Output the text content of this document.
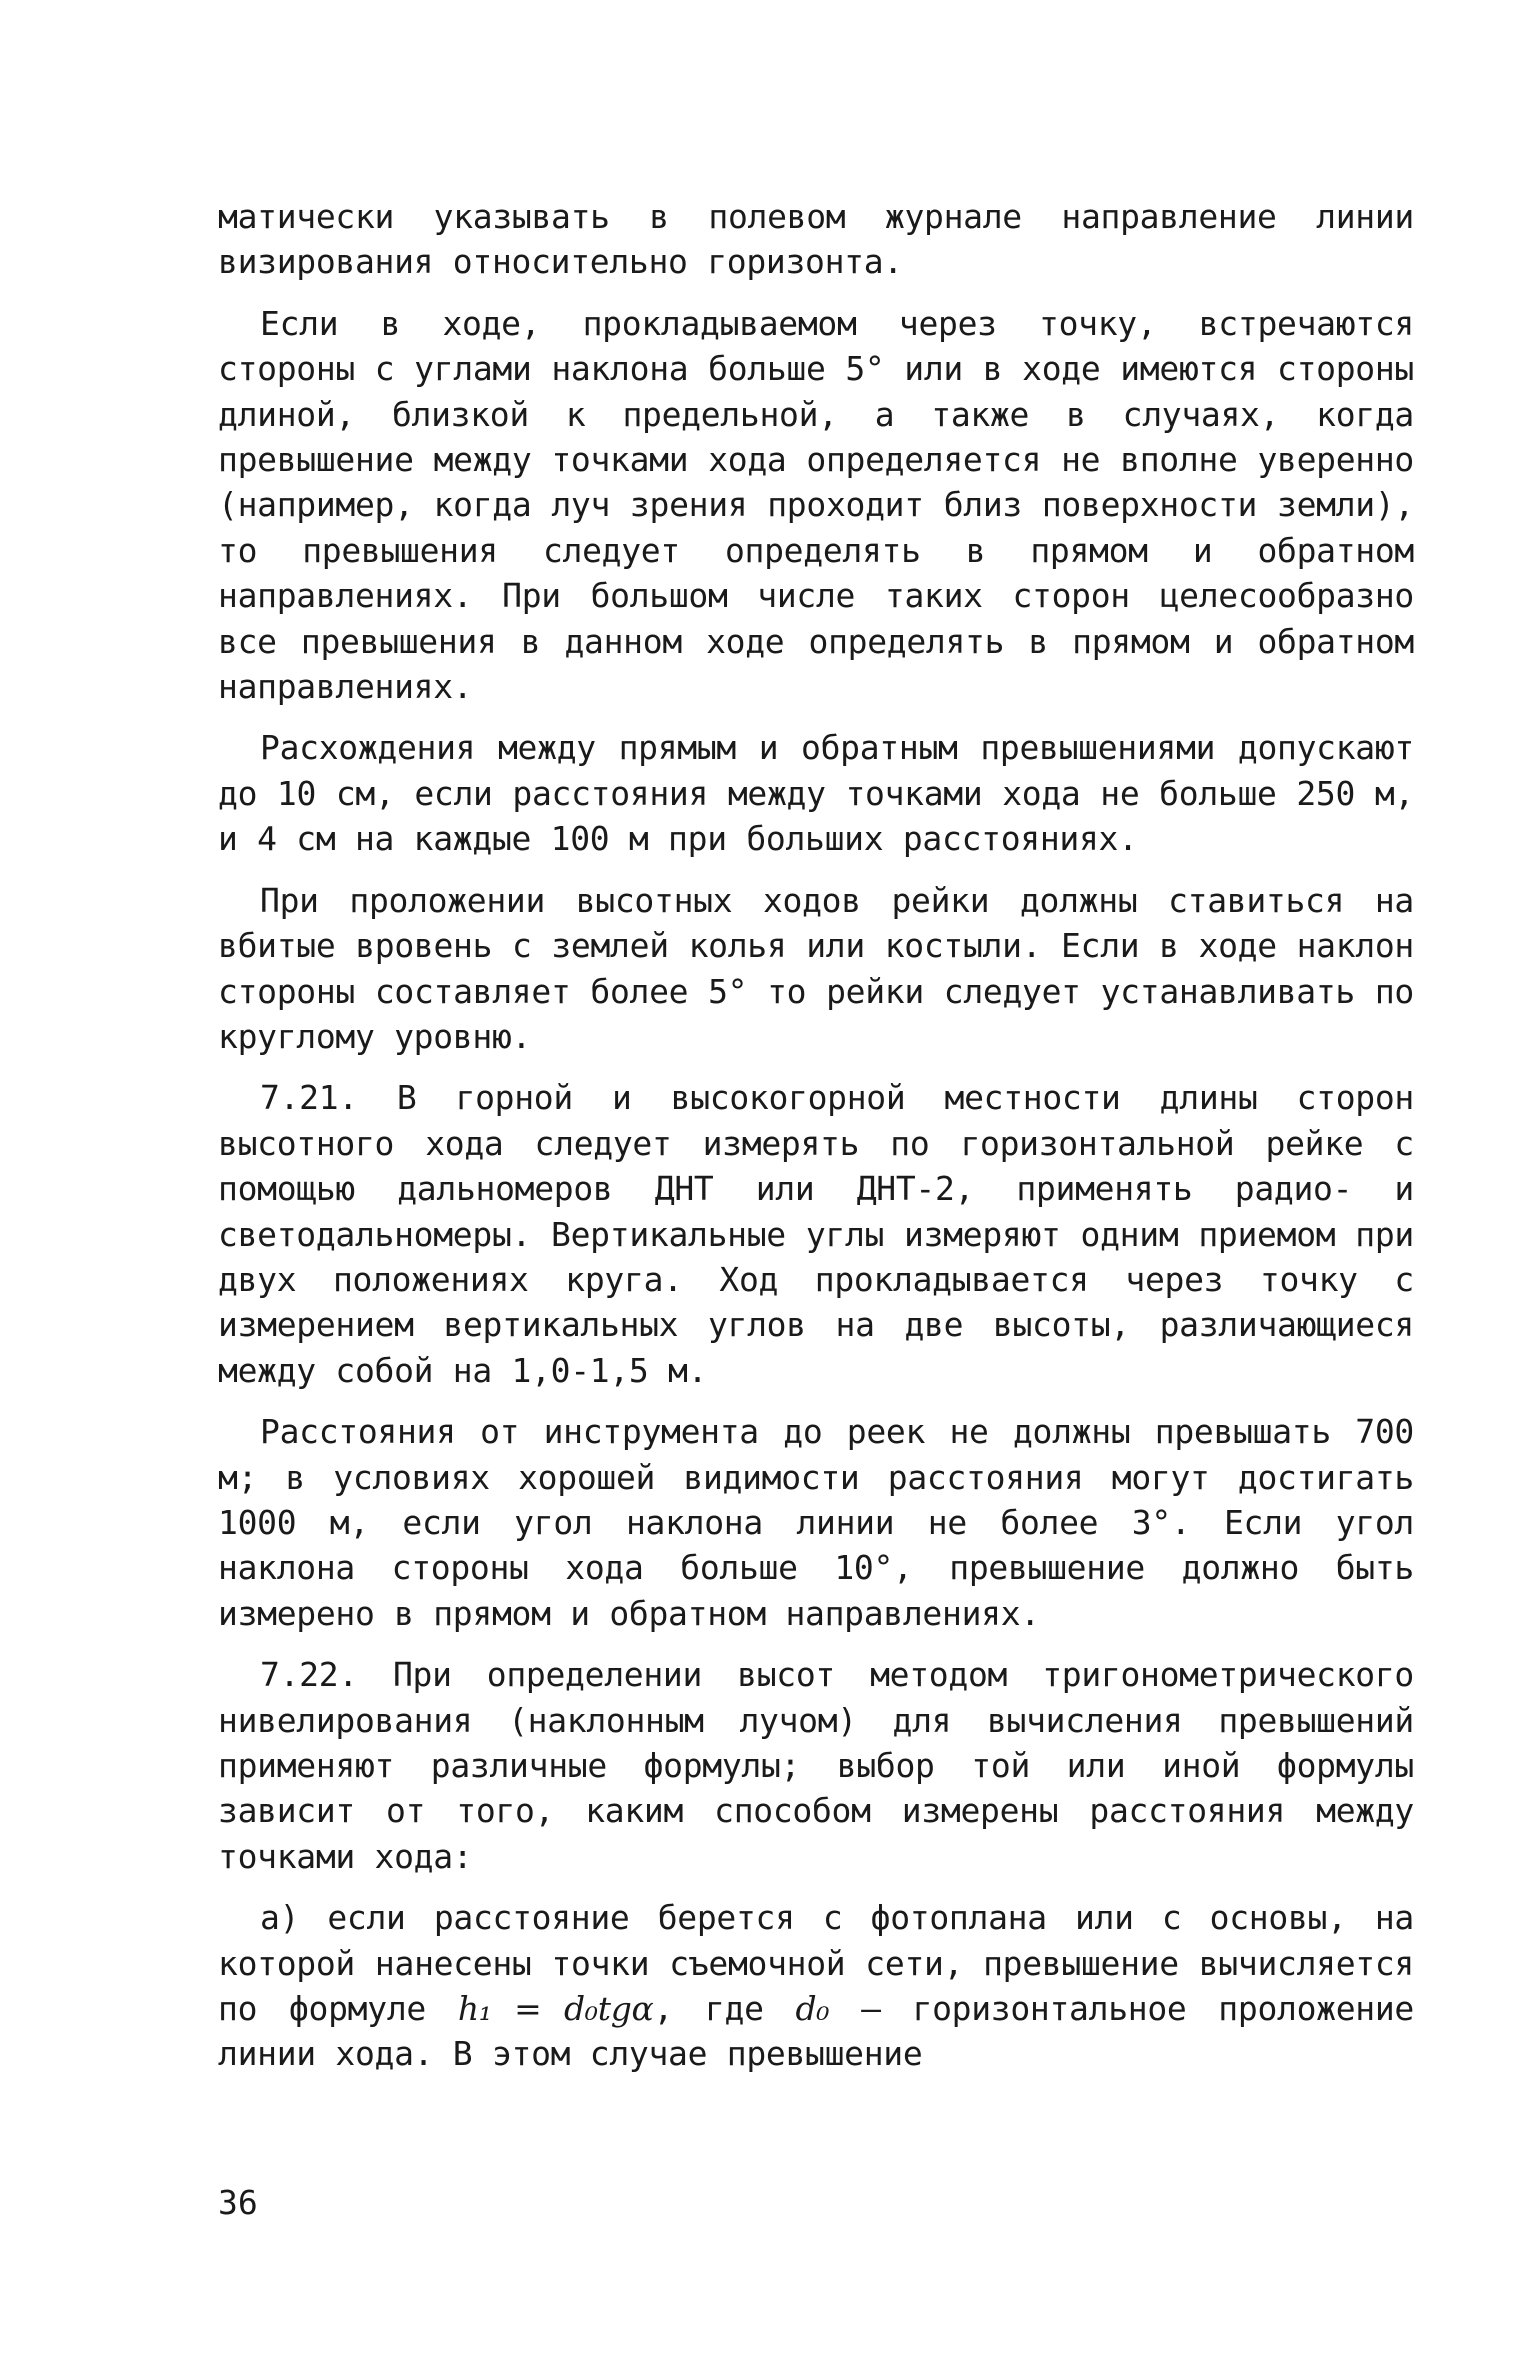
матически указывать в полевом журнале направление линии визирования относительно горизонта.

Если в ходе, прокладываемом через точку, встречаются стороны с углами наклона больше 5° или в ходе имеются стороны длиной, близкой к предельной, а также в случаях, когда превышение между точками хода определяется не вполне уверенно (например, когда луч зрения проходит близ поверхности земли), то превышения следует определять в прямом и обратном направлениях. При большом числе таких сторон целесообразно все превышения в данном ходе определять в прямом и обратном направлениях.

Расхождения между прямым и обратным превышениями допускают до 10 см, если расстояния между точками хода не больше 250 м, и 4 см на каждые 100 м при больших расстояниях.

При проложении высотных ходов рейки должны ставиться на вбитые вровень с землей колья или костыли. Если в ходе наклон стороны составляет более 5° то рейки следует устанавливать по круглому уровню.

7.21. В горной и высокогорной местности длины сторон высотного хода следует измерять по горизонтальной рейке с помощью дальномеров ДНТ или ДНТ-2, применять радио- и светодальномеры. Вертикальные углы измеряют одним приемом при двух положениях круга. Ход прокладывается через точку с измерением вертикальных углов на две высоты, различающиеся между собой на 1,0-1,5 м.

Расстояния от инструмента до реек не должны превышать 700 м; в условиях хорошей видимости расстояния могут достигать 1000 м, если угол наклона линии не более 3°. Если угол наклона стороны хода больше 10°, превышение должно быть измерено в прямом и обратном направлениях.

7.22. При определении высот методом тригонометрического нивелирования (наклонным лучом) для вычисления превышений применяют различные формулы; выбор той или иной формулы зависит от того, каким способом измерены расстояния между точками хода:

а) если расстояние берется с фотоплана или с основы, на которой нанесены точки съемочной сети, превышение вычисляется по формуле h₁ = d₀tgα, где d₀ – горизонтальное проложение линии хода. В этом случае превышение

36
